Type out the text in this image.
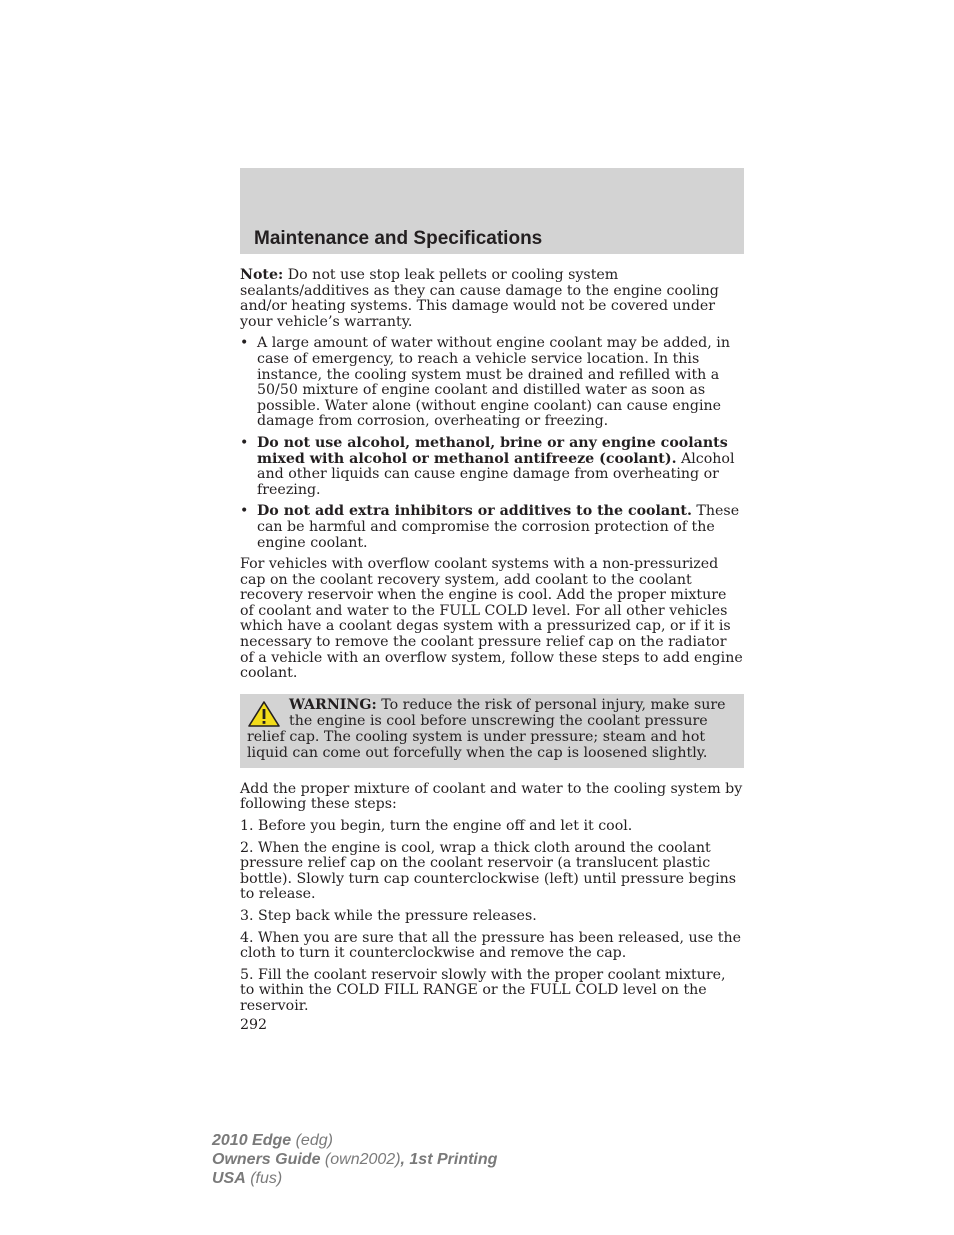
Maintenance and Specifications

Note: Do not use stop leak pellets or cooling system sealants/additives as they can cause damage to the engine cooling and/or heating systems. This damage would not be covered under your vehicle’s warranty.

• A large amount of water without engine coolant may be added, in case of emergency, to reach a vehicle service location. In this instance, the cooling system must be drained and refilled with a 50/50 mixture of engine coolant and distilled water as soon as possible. Water alone (without engine coolant) can cause engine damage from corrosion, overheating or freezing.
• Do not use alcohol, methanol, brine or any engine coolants mixed with alcohol or methanol antifreeze (coolant). Alcohol and other liquids can cause engine damage from overheating or freezing.
• Do not add extra inhibitors or additives to the coolant. These can be harmful and compromise the corrosion protection of the engine coolant.

For vehicles with overflow coolant systems with a non-pressurized cap on the coolant recovery system, add coolant to the coolant recovery reservoir when the engine is cool. Add the proper mixture of coolant and water to the FULL COLD level. For all other vehicles which have a coolant degas system with a pressurized cap, or if it is necessary to remove the coolant pressure relief cap on the radiator of a vehicle with an overflow system, follow these steps to add engine coolant.

WARNING: To reduce the risk of personal injury, make sure the engine is cool before unscrewing the coolant pressure relief cap. The cooling system is under pressure; steam and hot liquid can come out forcefully when the cap is loosened slightly.

Add the proper mixture of coolant and water to the cooling system by following these steps:

1. Before you begin, turn the engine off and let it cool.

2. When the engine is cool, wrap a thick cloth around the coolant pressure relief cap on the coolant reservoir (a translucent plastic bottle). Slowly turn cap counterclockwise (left) until pressure begins to release.

3. Step back while the pressure releases.

4. When you are sure that all the pressure has been released, use the cloth to turn it counterclockwise and remove the cap.

5. Fill the coolant reservoir slowly with the proper coolant mixture, to within the COLD FILL RANGE or the FULL COLD level on the reservoir.

292
2010 Edge (edg)
Owners Guide (own2002), 1st Printing
USA (fus)
